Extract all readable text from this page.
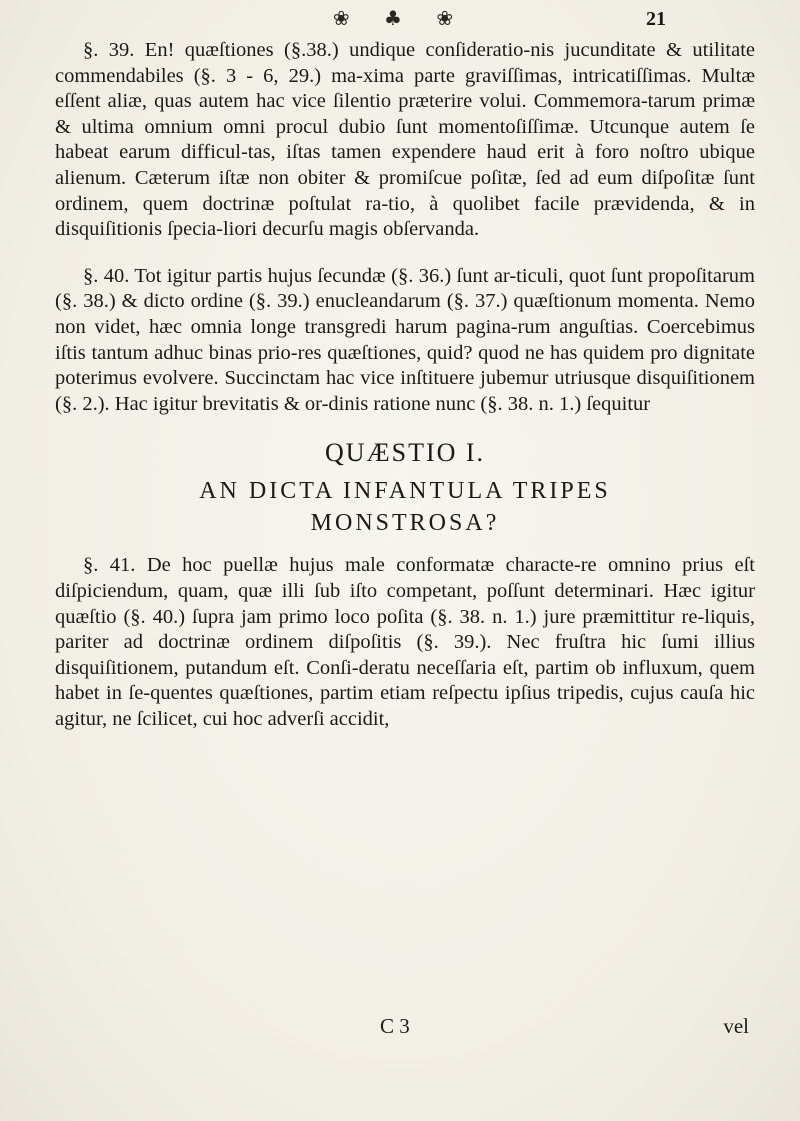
❀ ♣ ❀	21

§. 39. En! quæſtiones (§.38.) undique conſideratio-nis jucunditate & utilitate commendabiles (§. 3 - 6, 29.) ma-xima parte graviſſimas, intricatiſſimas. Multæ eſſent aliæ, quas autem hac vice ſilentio præterire volui. Commemora-tarum primæ & ultima omnium omni procul dubio ſunt momentoſiſſimæ. Utcunque autem ſe habeat earum difficul-tas, iſtas tamen expendere haud erit à foro noſtro ubique alienum. Cæterum iſtæ non obiter & promiſcue poſitæ, ſed ad eum diſpoſitæ ſunt ordinem, quem doctrinæ poſtulat ra-tio, à quolibet facile prævidenda, & in disquiſitionis ſpecia-liori decurſu magis obſervanda.

§. 40. Tot igitur partis hujus ſecundæ (§. 36.) ſunt ar-ticuli, quot ſunt propoſitarum (§. 38.) & dicto ordine (§. 39.) enucleandarum (§. 37.) quæſtionum momenta. Nemo non videt, hæc omnia longe transgredi harum pagina-rum anguſtias. Coercebimus iſtis tantum adhuc binas prio-res quæſtiones, quid? quod ne has quidem pro dignitate poterimus evolvere. Succinctam hac vice inſtituere jubemur utriusque disquiſitionem (§. 2.). Hac igitur brevitatis & or-dinis ratione nunc (§. 38. n. 1.) ſequitur

QUÆSTIO I.
AN DICTA INFANTULA TRIPES
MONSTROSA?

§. 41. De hoc puellæ hujus male conformatæ characte-re omnino prius eſt diſpiciendum, quam, quæ illi ſub iſto competant, poſſunt determinari. Hæc igitur quæſtio (§. 40.) ſupra jam primo loco poſita (§. 38. n. 1.) jure præmittitur re-liquis, pariter ad doctrinæ ordinem diſpoſitis (§. 39.). Nec fruſtra hic ſumi illius disquiſitionem, putandum eſt. Conſi-deratu neceſſaria eſt, partim ob influxum, quem habet in ſe-quentes quæſtiones, partim etiam reſpectu ipſius tripedis, cujus cauſa hic agitur, ne ſcilicet, cui hoc adverſi accidit,

C 3	vel
